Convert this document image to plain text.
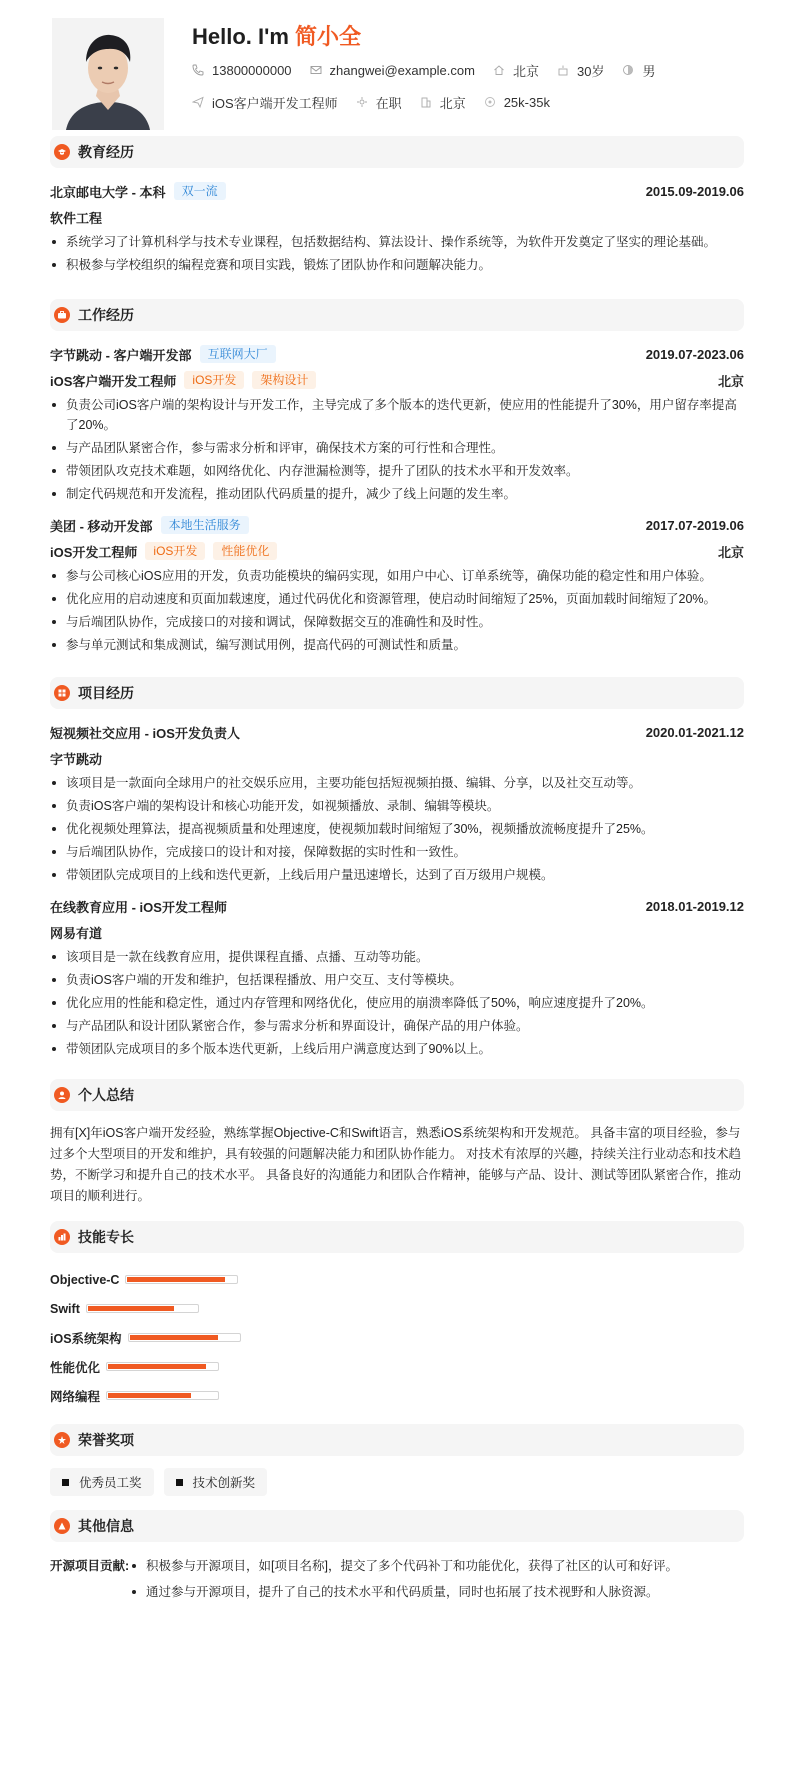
Hello. I'm 简小全
13800000000	zhangwei@example.com	北京	30岁	男
iOS客户端开发工程师	在职	北京	25k-35k
教育经历
北京邮电大学 - 本科	双一流	2015.09-2019.06
软件工程
系统学习了计算机科学与技术专业课程，包括数据结构、算法设计、操作系统等，为软件开发奠定了坚实的理论基础。
积极参与学校组织的编程竞赛和项目实践，锻炼了团队协作和问题解决能力。
工作经历
字节跳动 - 客户端开发部	互联网大厂	2019.07-2023.06
iOS客户端开发工程师	iOS开发	架构设计	北京
负责公司iOS客户端的架构设计与开发工作，主导完成了多个版本的迭代更新，使应用的性能提升了30%，用户留存率提高了20%。
与产品团队紧密合作，参与需求分析和评审，确保技术方案的可行性和合理性。
带领团队攻克技术难题，如网络优化、内存泄漏检测等，提升了团队的技术水平和开发效率。
制定代码规范和开发流程，推动团队代码质量的提升，减少了线上问题的发生率。
美团 - 移动开发部	本地生活服务	2017.07-2019.06
iOS开发工程师	iOS开发	性能优化	北京
参与公司核心iOS应用的开发，负责功能模块的编码实现，如用户中心、订单系统等，确保功能的稳定性和用户体验。
优化应用的启动速度和页面加载速度，通过代码优化和资源管理，使启动时间缩短了25%，页面加载时间缩短了20%。
与后端团队协作，完成接口的对接和调试，保障数据交互的准确性和及时性。
参与单元测试和集成测试，编写测试用例，提高代码的可测试性和质量。
项目经历
短视频社交应用 - iOS开发负责人	2020.01-2021.12
字节跳动
该项目是一款面向全球用户的社交娱乐应用，主要功能包括短视频拍摄、编辑、分享，以及社交互动等。
负责iOS客户端的架构设计和核心功能开发，如视频播放、录制、编辑等模块。
优化视频处理算法，提高视频质量和处理速度，使视频加载时间缩短了30%，视频播放流畅度提升了25%。
与后端团队协作，完成接口的设计和对接，保障数据的实时性和一致性。
带领团队完成项目的上线和迭代更新，上线后用户量迅速增长，达到了百万级用户规模。
在线教育应用 - iOS开发工程师	2018.01-2019.12
网易有道
该项目是一款在线教育应用，提供课程直播、点播、互动等功能。
负责iOS客户端的开发和维护，包括课程播放、用户交互、支付等模块。
优化应用的性能和稳定性，通过内存管理和网络优化，使应用的崩溃率降低了50%，响应速度提升了20%。
与产品团队和设计团队紧密合作，参与需求分析和界面设计，确保产品的用户体验。
带领团队完成项目的多个版本迭代更新，上线后用户满意度达到了90%以上。
个人总结

拥有[X]年iOS客户端开发经验，熟练掌握Objective-C和Swift语言，熟悉iOS系统架构和开发规范。 具备丰富的项目经验，参与过多个大型项目的开发和维护，具有较强的问题解决能力和团队协作能力。 对技术有浓厚的兴趣，持续关注行业动态和技术趋势，不断学习和提升自己的技术水平。 具备良好的沟通能力和团队合作精神，能够与产品、设计、测试等团队紧密合作，推动项目的顺利进行。

技能专长
Objective-C
Swift
iOS系统架构
性能优化
网络编程
荣誉奖项
优秀员工奖	技术创新奖
其他信息
开源项目贡献:	积极参与开源项目，如[项目名称]，提交了多个代码补丁和功能优化，获得了社区的认可和好评。
通过参与开源项目，提升了自己的技术水平和代码质量，同时也拓展了技术视野和人脉资源。
